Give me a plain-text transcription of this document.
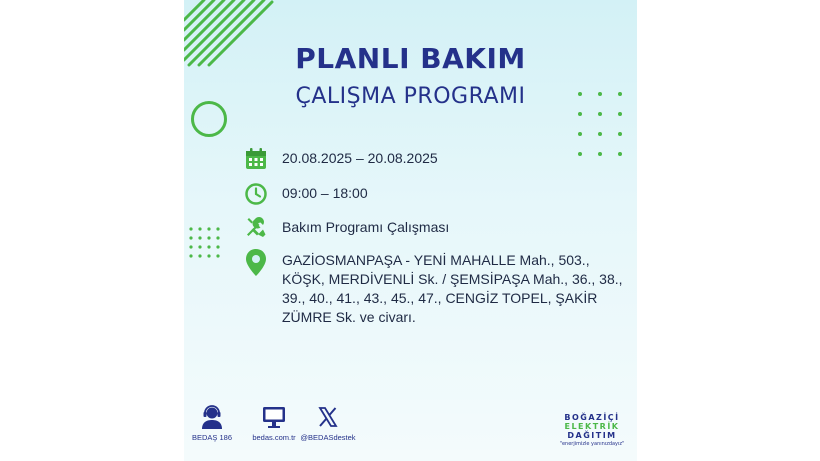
PLANLI BAKIM
ÇALIŞMA PROGRAMI
20.08.2025 – 20.08.2025
09:00 – 18:00
Bakım Programı Çalışması
GAZİOSMANPAŞA - YENİ MAHALLE Mah., 503., KÖŞK, MERDİVENLİ Sk. / ŞEMSİPAŞA Mah., 36., 38., 39., 40., 41., 43., 45., 47., CENGİZ TOPEL, ŞAKİR ZÜMRE Sk. ve civarı.
BEDAŞ 186	bedas.com.tr @BEDASdestek
BOĞAZİÇİ
ELEKTRİK
DAĞITIM
"enerjimizle yanınızdayız"
